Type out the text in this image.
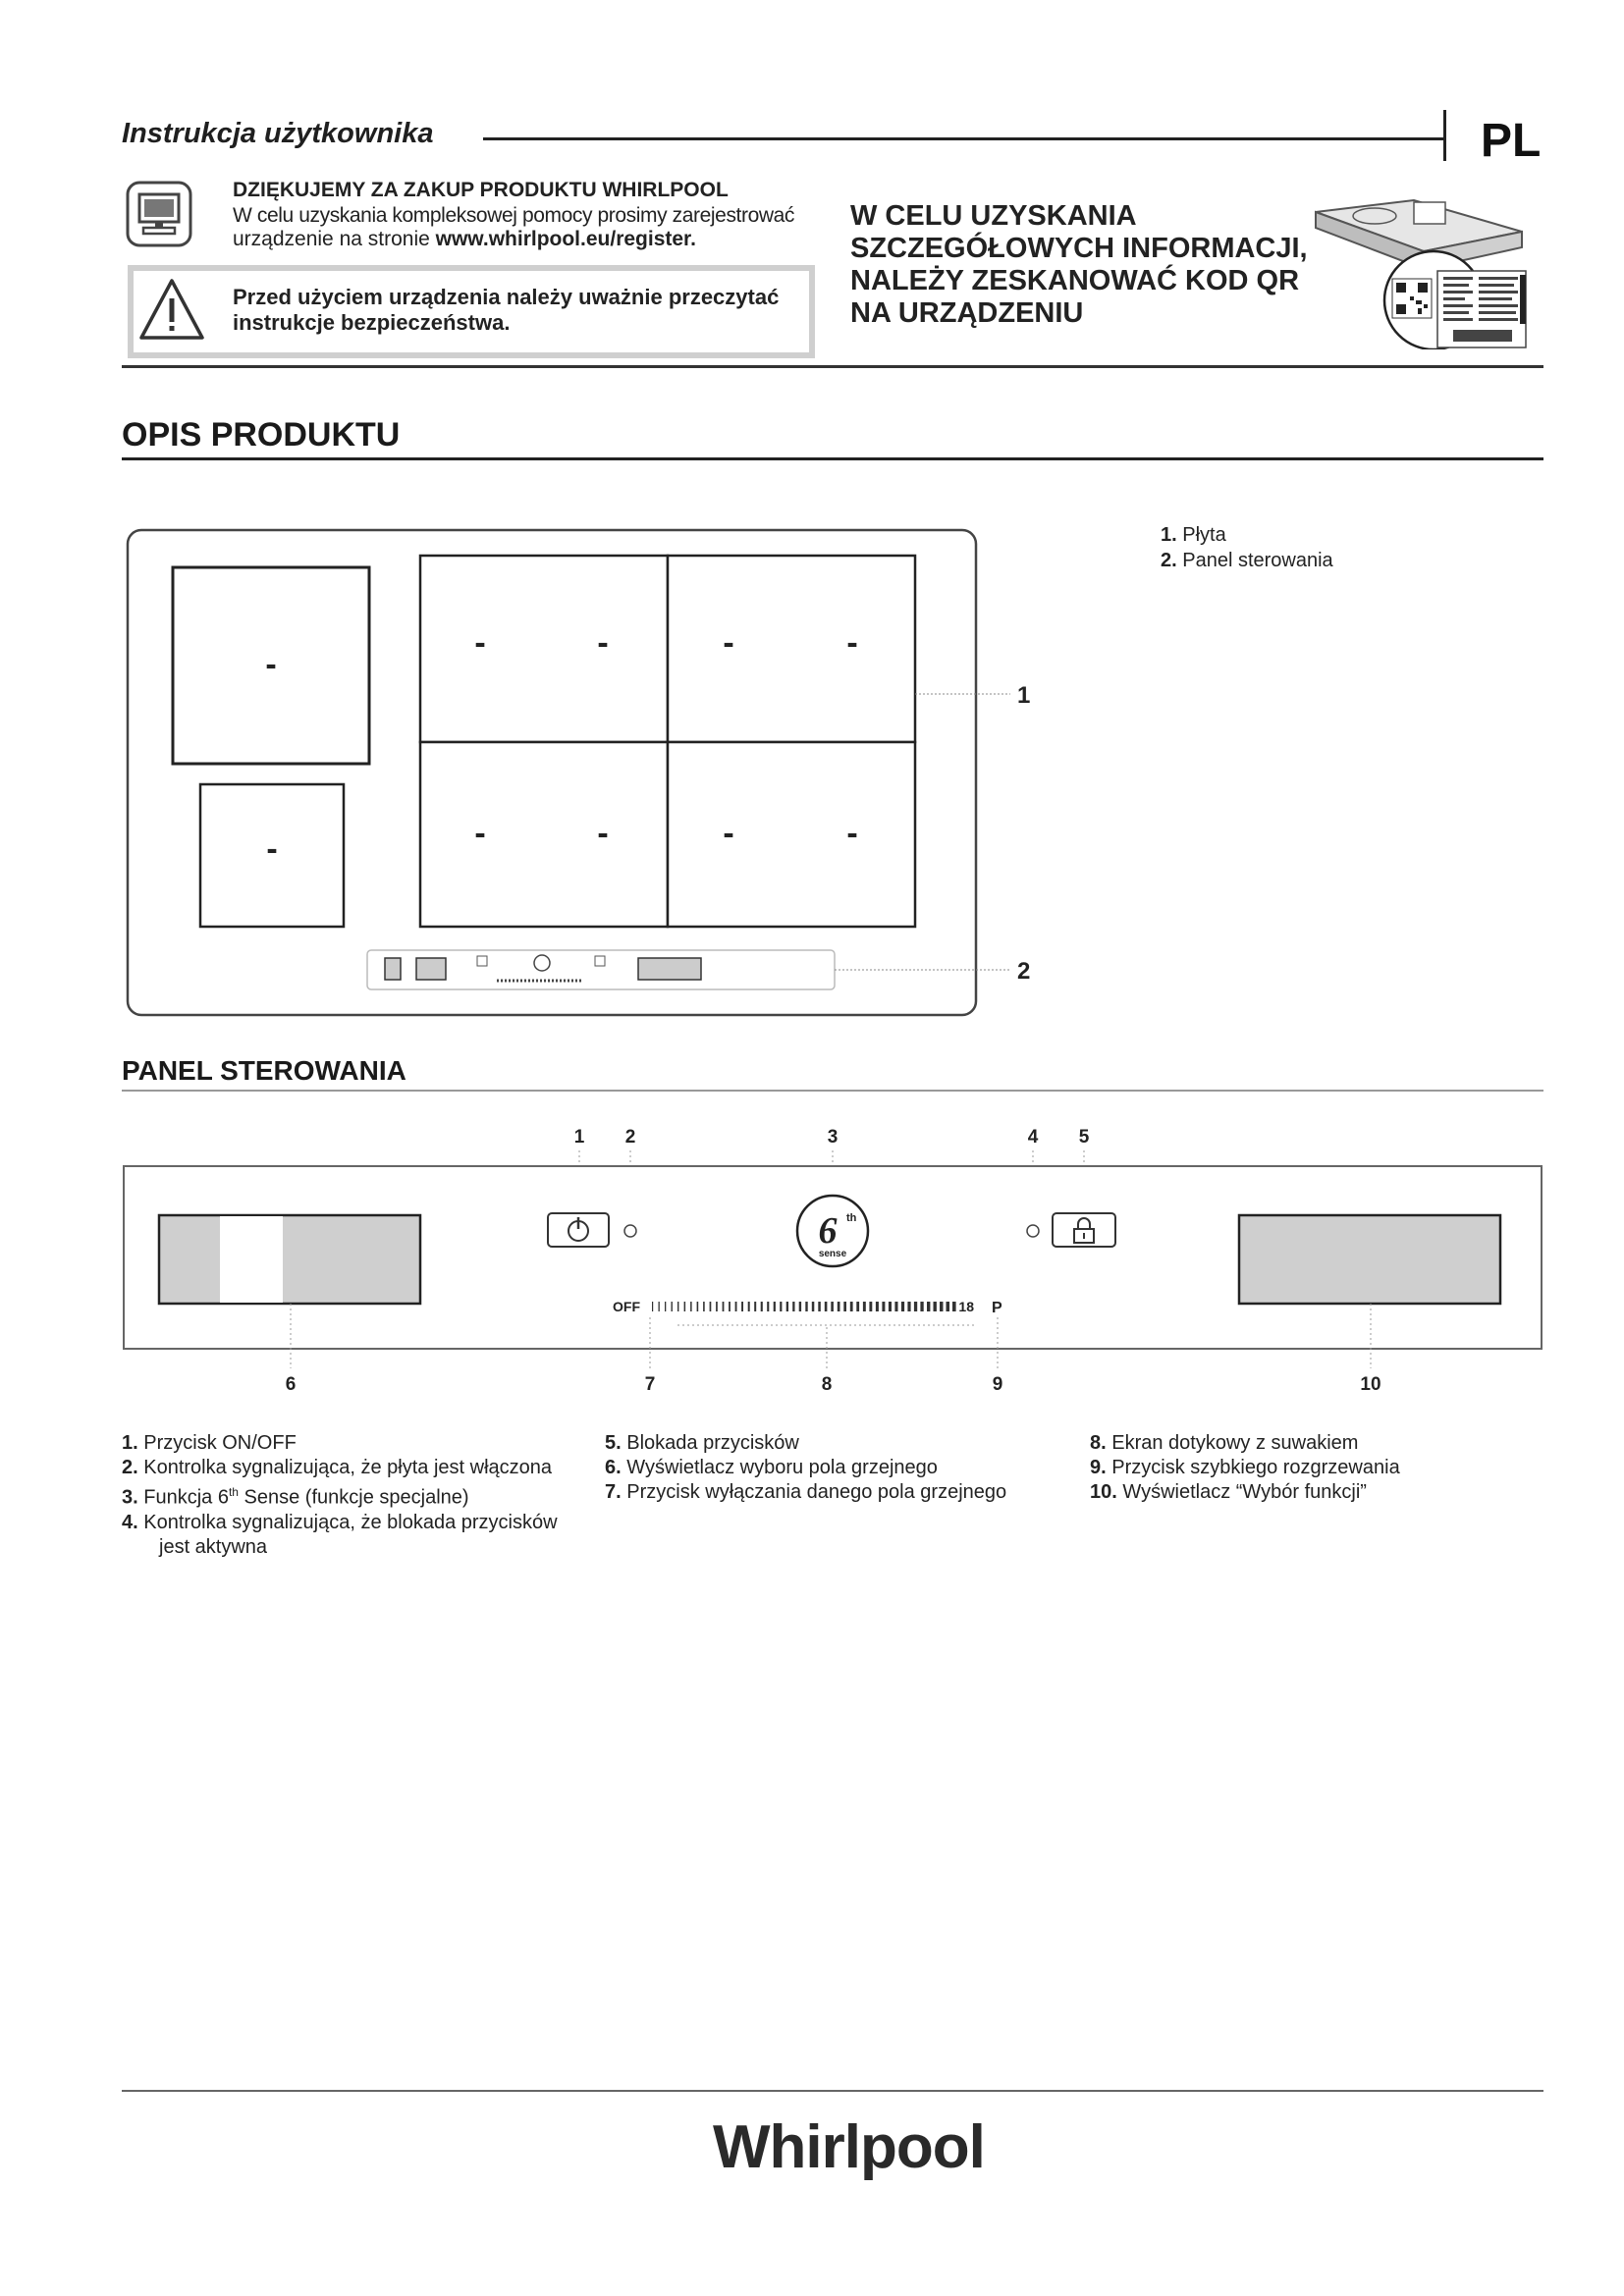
Instrukcja użytkownika	PL
DZIĘKUJEMY ZA ZAKUP PRODUKTU WHIRLPOOL
W celu uzyskania kompleksowej pomocy prosimy zarejestrować
urządzenie na stronie www.whirlpool.eu/register.
Przed użyciem urządzenia należy uważnie przeczytać instrukcje bezpieczeństwa.
W CELU UZYSKANIA
SZCZEGÓŁOWYCH INFORMACJI,
NALEŻY ZESKANOWAĆ KOD QR
NA URZĄDZENIU
OPIS PRODUKTU
1. Płyta
2. Panel sterowania
-
-
-	-	-	-
-	-	-	-
1
2
PANEL STEROWANIA
1 2	3	4 5
6 th
sense
OFF	18 P
6	7	8	9	10
1. Przycisk ON/OFF
2. Kontrolka sygnalizująca, że płyta jest włączona
3. Funkcja 6th Sense (funkcje specjalne)
4. Kontrolka sygnalizująca, że blokada przycisków
jest aktywna
5. Blokada przycisków
6. Wyświetlacz wyboru pola grzejnego
7. Przycisk wyłączania danego pola grzejnego
8. Ekran dotykowy z suwakiem
9. Przycisk szybkiego rozgrzewania
10. Wyświetlacz “Wybór funkcji”
Whirlpool
